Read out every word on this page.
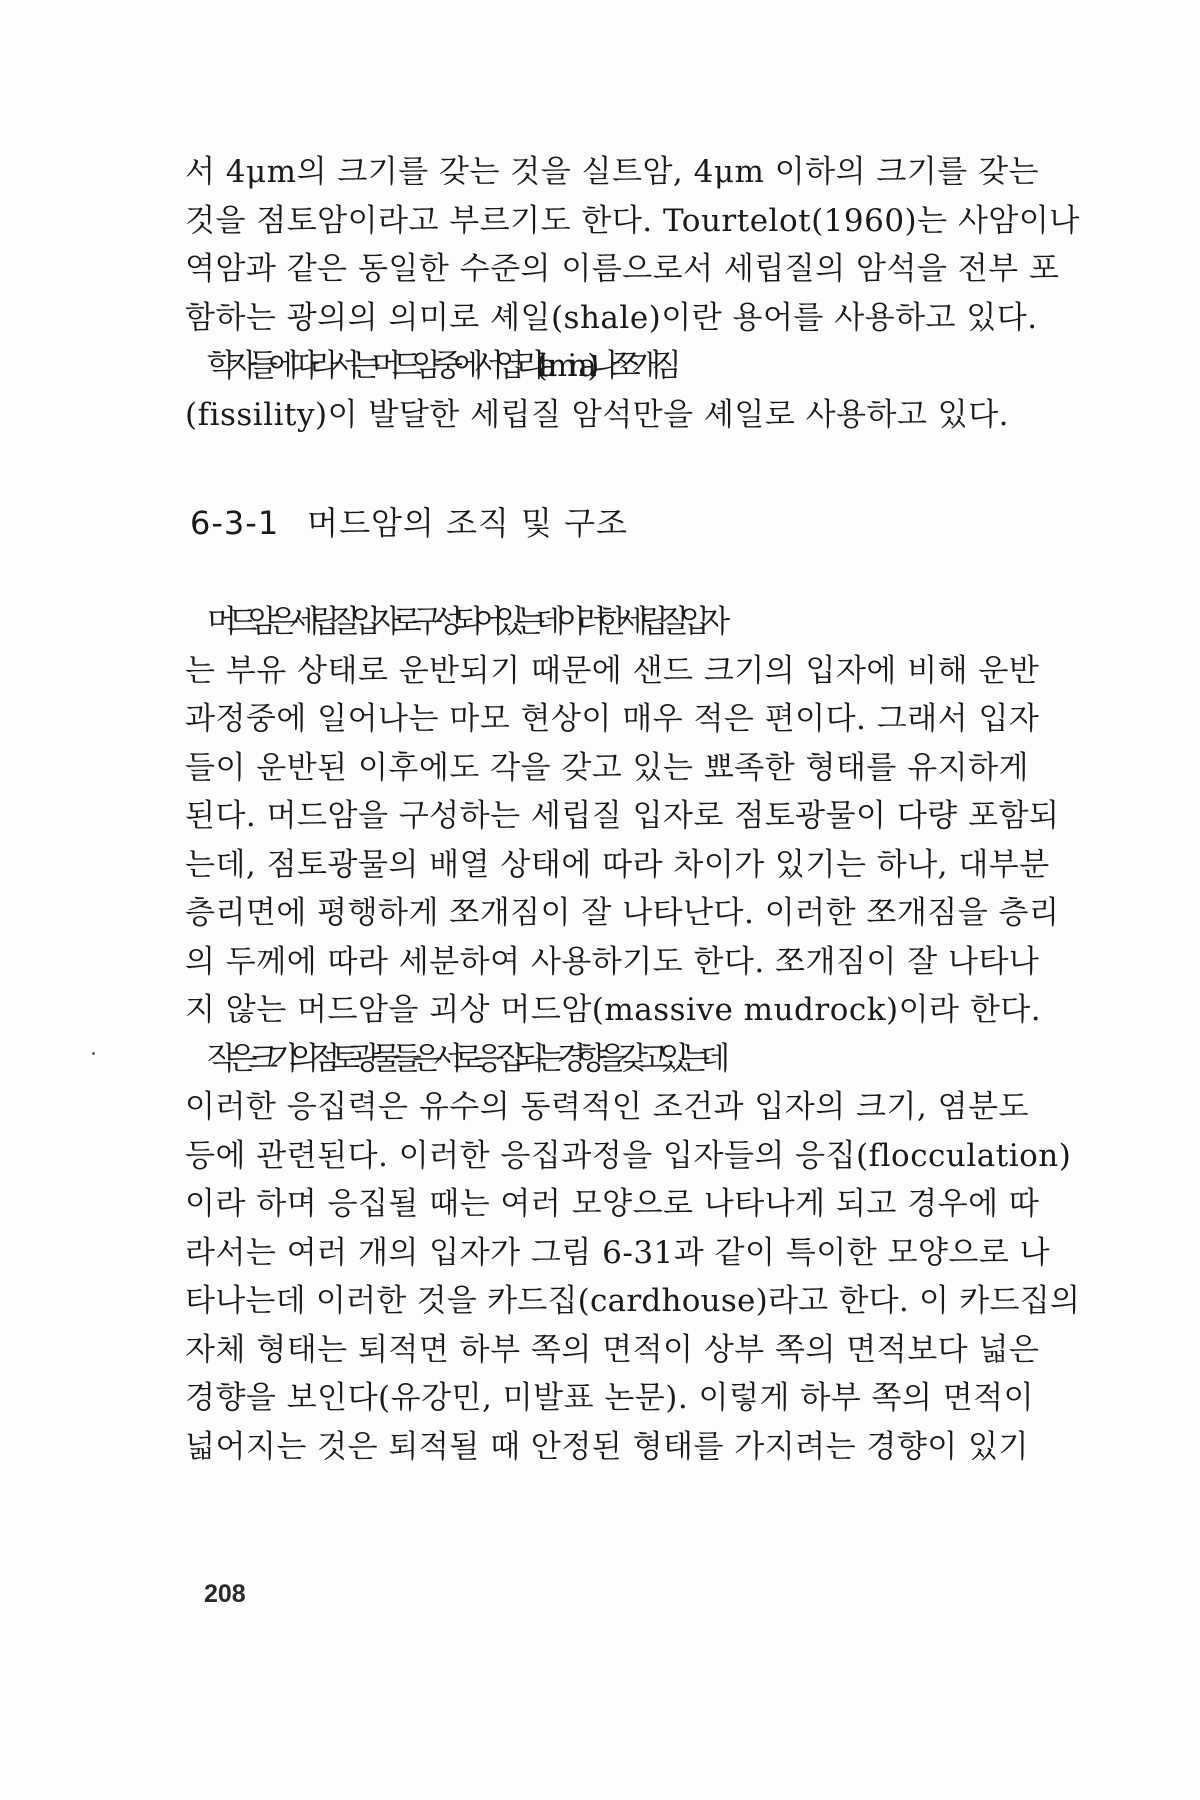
서 4μm의 크기를 갖는 것을 실트암, 4μm 이하의 크기를 갖는
것을 점토암이라고 부르기도 한다. Tourtelot(1960)는 사암이나
역암과 같은 동일한 수준의 이름으로서 세립질의 암석을 전부 포
함하는 광의의 의미로 셰일(shale)이란 용어를 사용하고 있다.
학자들에 따라서는 머드암 중에서 엽리(lamina)나 쪼개짐
(fissility)이 발달한 세립질 암석만을 셰일로 사용하고 있다.
6-3-1 머드암의 조직 및 구조
머드암은 세립질 입자로 구성되어 있는데 이러한 세립질 입자
는 부유 상태로 운반되기 때문에 샌드 크기의 입자에 비해 운반
과정중에 일어나는 마모 현상이 매우 적은 편이다. 그래서 입자
들이 운반된 이후에도 각을 갖고 있는 뾰족한 형태를 유지하게
된다. 머드암을 구성하는 세립질 입자로 점토광물이 다량 포함되
는데, 점토광물의 배열 상태에 따라 차이가 있기는 하나, 대부분
층리면에 평행하게 쪼개짐이 잘 나타난다. 이러한 쪼개짐을 층리
의 두께에 따라 세분하여 사용하기도 한다. 쪼개짐이 잘 나타나
지 않는 머드암을 괴상 머드암(massive mudrock)이라 한다.
작은 크기의 점토광물들은 서로 응집되는 경향을 갖고 있는데
이러한 응집력은 유수의 동력적인 조건과 입자의 크기, 염분도
등에 관련된다. 이러한 응집과정을 입자들의 응집(flocculation)
이라 하며 응집될 때는 여러 모양으로 나타나게 되고 경우에 따
라서는 여러 개의 입자가 그림 6-31과 같이 특이한 모양으로 나
타나는데 이러한 것을 카드집(cardhouse)라고 한다. 이 카드집의
자체 형태는 퇴적면 하부 쪽의 면적이 상부 쪽의 면적보다 넓은
경향을 보인다(유강민, 미발표 논문). 이렇게 하부 쪽의 면적이
넓어지는 것은 퇴적될 때 안정된 형태를 가지려는 경향이 있기
208
